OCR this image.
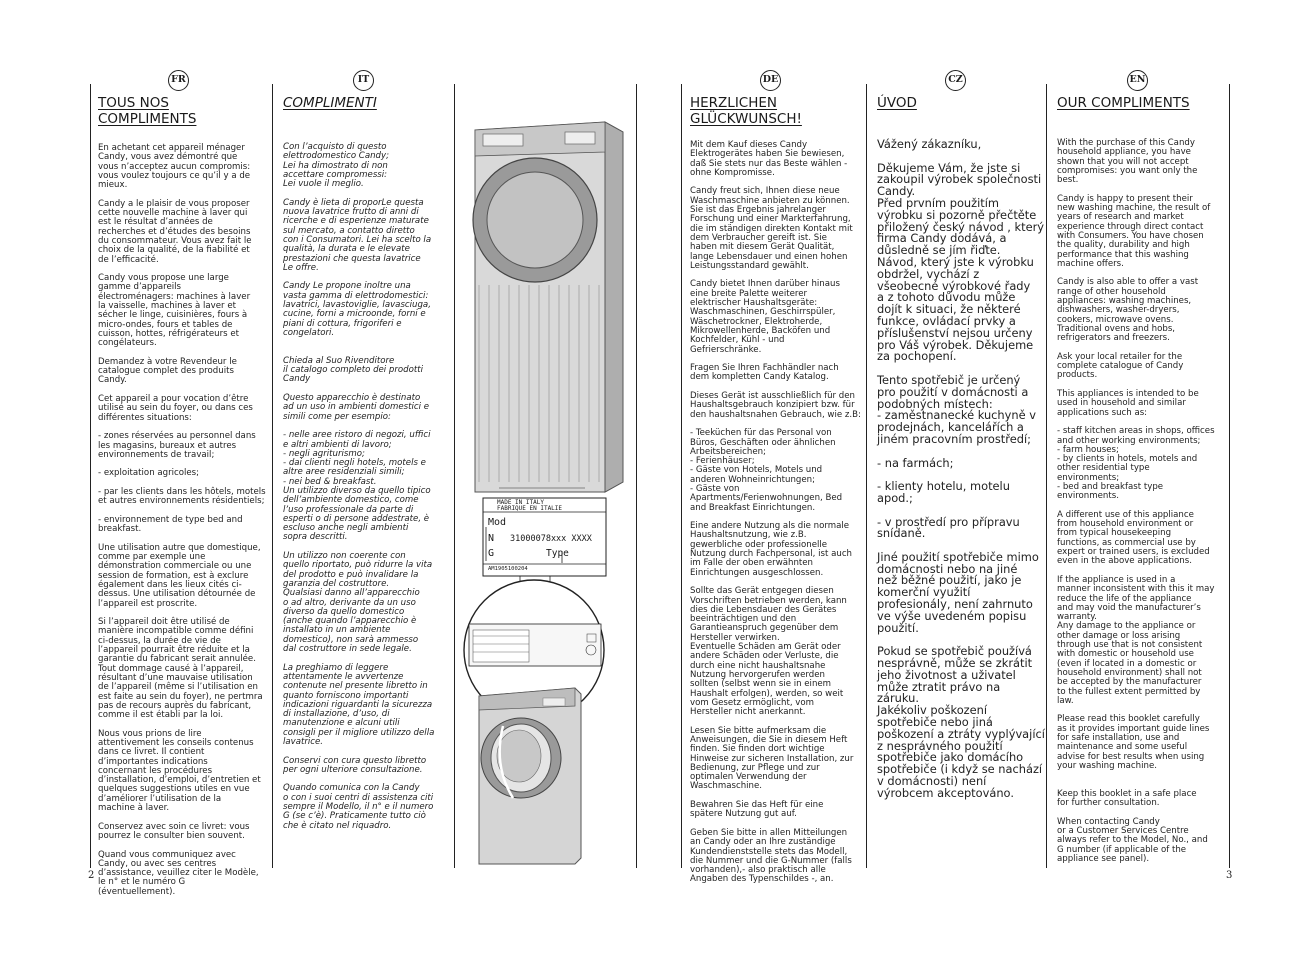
FR	IT	DE	CZ	EN
TOUS NOS
COMPLIMENTS

En achetant cet appareil ménager
Candy, vous avez démontré que
vous n’acceptez aucun compromis:
vous voulez toujours ce qu’il y a de
mieux.

Candy a le plaisir de vous proposer
cette nouvelle machine à laver qui
est le résultat d’années de
recherches et d’études des besoins
du consommateur. Vous avez fait le
choix de la qualité, de la fiabilité et
de l’efficacité.

Candy vous propose une large
gamme d’appareils
électroménagers: machines à laver
la vaisselle, machines à laver et
sécher le linge, cuisinières, fours à
micro-ondes, fours et tables de
cuisson, hottes, réfrigérateurs et
congélateurs.

Demandez à votre Revendeur le
catalogue complet des produits
Candy.

Cet appareil a pour vocation d’être
utilisé au sein du foyer, ou dans ces
différentes situations:

- zones réservées au personnel dans
les magasins, bureaux et autres
environnements de travail;

- exploitation agricoles;

- par les clients dans les hôtels, motels
et autres environnements résidentiels;

- environnement de type bed and
breakfast.

Une utilisation autre que domestique,
comme par exemple une
démonstration commerciale ou une
session de formation, est à exclure
également dans les lieux cités ci-
dessus. Une utilisation détournée de
l’appareil est proscrite.

Si l’appareil doit être utilisé de
manière incompatible comme défini
ci-dessus, la durée de vie de
l’appareil pourrait être réduite et la
garantie du fabricant serait annulée.
Tout dommage causé à l’appareil,
résultant d’une mauvaise utilisation
de l’appareil (même si l’utilisation en
est faite au sein du foyer), ne pertmra
pas de recours auprès du fabricant,
comme il est établi par la loi.

Nous vous prions de lire
attentivement les conseils contenus
dans ce livret. Il contient
d’importantes indications
concernant les procédures
d’installation, d’emploi, d’entretien et
quelques suggestions utiles en vue
d’améliorer l’utilisation de la
machine à laver.

Conservez avec soin ce livret: vous
pourrez le consulter bien souvent.

Quand vous communiquez avec
Candy, ou avec ses centres
d’assistance, veuillez citer le Modèle,
le n° et le numéro G
(éventuellement).

COMPLIMENTI

Con l’acquisto di questo
elettrodomestico Candy;
Lei ha dimostrato di non
accettare compromessi:
Lei vuole il meglio.

Candy è lieta di proporLe questa
nuova lavatrice frutto di anni di
ricerche e di esperienze maturate
sul mercato, a contatto diretto
con i Consumatori. Lei ha scelto la
qualità, la durata e le elevate
prestazioni che questa lavatrice
Le offre.

Candy Le propone inoltre una
vasta gamma di elettrodomestici:
lavatrici, lavastoviglie, lavasciuga,
cucine, forni a microonde, forni e
piani di cottura, frigoriferi e
congelatori.

Chieda al Suo Rivenditore
il catalogo completo dei prodotti
Candy

Questo apparecchio è destinato
ad un uso in ambienti domestici e
simili come per esempio:

- nelle aree ristoro di negozi, uffici
e altri ambienti di lavoro;
- negli agriturismo;
- dai clienti negli hotels, motels e
altre aree residenziali simili;
- nei bed & breakfast.
Un utilizzo diverso da quello tipico
dell’ambiente domestico, come
l’uso professionale da parte di
esperti o di persone addestrate, è
escluso anche negli ambienti
sopra descritti.

Un utilizzo non coerente con
quello riportato, può ridurre la vita
del prodotto e può invalidare la
garanzia del costruttore.
Qualsiasi danno all’apparecchio
o ad altro, derivante da un uso
diverso da quello domestico
(anche quando l’apparecchio è
installato in un ambiente
domestico), non sarà ammesso
dal costruttore in sede legale.

La preghiamo di leggere
attentamente le avvertenze
contenute nel presente libretto in
quanto forniscono importanti
indicazioni riguardanti la sicurezza
di installazione, d’uso, di
manutenzione e alcuni utili
consigli per il migliore utilizzo della
lavatrice.

Conservi con cura questo libretto
per ogni ulteriore consultazione.

Quando comunica con la Candy
o con i suoi centri di assistenza citi
sempre il Modello, il n° e il numero
G (se c’è). Praticamente tutto ciò
che è citato nel riquadro.

HERZLICHEN
GLÜCKWUNSCH!

Mit dem Kauf dieses Candy
Elektrogerätes haben Sie bewiesen,
daß Sie stets nur das Beste wählen -
ohne Kompromisse.

Candy freut sich, Ihnen diese neue
Waschmaschine anbieten zu können.
Sie ist das Ergebnis jahrelanger
Forschung und einer Markterfahrung,
die im ständigen direkten Kontakt mit
dem Verbraucher gereift ist. Sie
haben mit diesem Gerät Qualität,
lange Lebensdauer und einen hohen
Leistungsstandard gewählt.

Candy bietet Ihnen darüber hinaus
eine breite Palette weiterer
elektrischer Haushaltsgeräte:
Waschmaschinen, Geschirrspüler,
Wäschetrockner, Elektroherde,
Mikrowellenherde, Backöfen und
Kochfelder, Kühl - und
Gefrierschränke.

Fragen Sie Ihren Fachhändler nach
dem kompletten Candy Katalog.

Dieses Gerät ist ausschließlich für den
Haushaltsgebrauch konzipiert bzw. für
den haushaltsnahen Gebrauch, wie z.B:

- Teeküchen für das Personal von
Büros, Geschäften oder ähnlichen
Arbeitsbereichen;
- Ferienhäuser;
- Gäste von Hotels, Motels und
anderen Wohneinrichtungen;
- Gäste von
Apartments/Ferienwohnungen, Bed
and Breakfast Einrichtungen.

Eine andere Nutzung als die normale
Haushaltsnutzung, wie z.B.
gewerbliche oder professionelle
Nutzung durch Fachpersonal, ist auch
im Falle der oben erwähnten
Einrichtungen ausgeschlossen.

Sollte das Gerät entgegen diesen
Vorschriften betrieben werden, kann
dies die Lebensdauer des Gerätes
beeinträchtigen und den
Garantieanspruch gegenüber dem
Hersteller verwirken.
Eventuelle Schäden am Gerät oder
andere Schäden oder Verluste, die
durch eine nicht haushaltsnahe
Nutzung hervorgerufen werden
sollten (selbst wenn sie in einem
Haushalt erfolgen), werden, so weit
vom Gesetz ermöglicht, vom
Hersteller nicht anerkannt.

Lesen Sie bitte aufmerksam die
Anweisungen, die Sie in diesem Heft
finden. Sie finden dort wichtige
Hinweise zur sicheren Installation, zur
Bedienung, zur Pflege und zur
optimalen Verwendung der
Waschmaschine.

Bewahren Sie das Heft für eine
spätere Nutzung gut auf.

Geben Sie bitte in allen Mitteilungen
an Candy oder an Ihre zuständige
Kundendienststelle stets das Modell,
die Nummer und die G-Nummer (falls
vorhanden),- also praktisch alle
Angaben des Typenschildes -, an.

ÚVOD

Vážený zákazníku,

Děkujeme Vám, že jste si
zakoupil výrobek společnosti
Candy.
Před prvním použitím
výrobku si pozorně přečtěte
přiložený český návod , který
firma Candy dodává, a
důsledně se jím řiďte.
Návod, který jste k výrobku
obdržel, vychází z
všeobecné výrobkové řady
a z tohoto důvodu může
dojít k situaci, že některé
funkce, ovládací prvky a
příslušenství nejsou určeny
pro Váš výrobek. Děkujeme
za pochopení.

Tento spotřebič je určený
pro použití v domácnosti a
podobných místech:
- zaměstnanecké kuchyně v
prodejnách, kancelářích a
jiném pracovním prostředí;

- na farmách;

- klienty hotelu, motelu
apod.;

- v prostředí pro přípravu
snídaně.

Jiné použití spotřebiče mimo
domácnosti nebo na jiné
než běžné použití, jako je
komerční využití
profesionály, není zahrnuto
ve výše uvedeném popisu
použití.

Pokud se spotřebič používá
nesprávně, může se zkrátit
jeho životnost a uživatel
může ztratit právo na
záruku.
Jakékoliv poškození
spotřebiče nebo jiná
poškození a ztráty vyplývající
z nesprávného použití
spotřebiče jako domácího
spotřebiče (i když se nachází
v domácnosti) není
výrobcem akceptováno.

OUR COMPLIMENTS

With the purchase of this Candy
household appliance, you have
shown that you will not accept
compromises: you want only the
best.

Candy is happy to present their
new washing machine, the result of
years of research and market
experience through direct contact
with Consumers. You have chosen
the quality, durability and high
performance that this washing
machine offers.

Candy is also able to offer a vast
range of other household
appliances: washing machines,
dishwashers, washer-dryers,
cookers, microwave ovens.
Traditional ovens and hobs,
refrigerators and freezers.

Ask your local retailer for the
complete catalogue of Candy
products.

This appliances is intended to be
used in household and similar
applications such as:

- staff kitchen areas in shops, offices
and other working environments;
- farm houses;
- by clients in hotels, motels and
other residential type
environments;
- bed and breakfast type
environments.

A different use of this appliance
from household environment or
from typical housekeeping
functions, as commercial use by
expert or trained users, is excluded
even in the above applications.

If the appliance is used in a
manner inconsistent with this it may
reduce the life of the appliance
and may void the manufacturer’s
warranty.
Any damage to the appliance or
other damage or loss arising
through use that is not consistent
with domestic or household use
(even if located in a domestic or
household environment) shall not
be accepted by the manufacturer
to the fullest extent permitted by
law.

Please read this booklet carefully
as it provides important guide lines
for safe installation, use and
maintenance and some useful
advise for best results when using
your washing machine.

Keep this booklet in a safe place
for further consultation.

When contacting Candy
or a Customer Services Centre
always refer to the Model, No., and
G number (if applicable of the
appliance see panel).

2	3
MADE IN ITALY
FABRIQUE EN ITALIE
Mod
N 31000078xxx XXXX
G	Type
AM1905100204
